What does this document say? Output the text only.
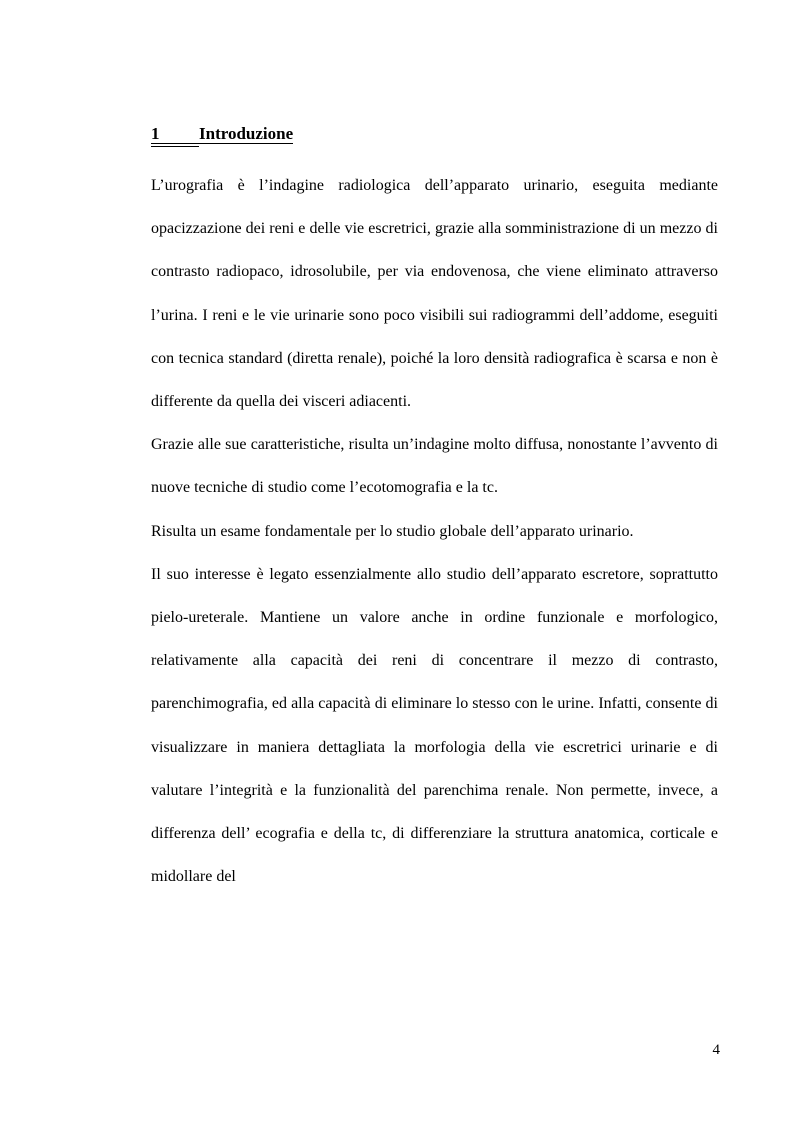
1 Introduzione

L’urografia è l’indagine radiologica dell’apparato urinario, eseguita mediante opacizzazione dei reni e delle vie escretrici, grazie alla somministrazione di un mezzo di contrasto radiopaco, idrosolubile, per via endovenosa, che viene eliminato attraverso l’urina. I reni e le vie urinarie sono poco visibili sui radiogrammi dell’addome, eseguiti con tecnica standard (diretta renale), poiché la loro densità radiografica è scarsa e non è differente da quella dei visceri adiacenti.

Grazie alle sue caratteristiche, risulta un’indagine molto diffusa, nonostante l’avvento di nuove tecniche di studio come l’ecotomografia e la tc.

Risulta un esame fondamentale per lo studio globale dell’apparato urinario.

Il suo interesse è legato essenzialmente allo studio dell’apparato escretore, soprattutto pielo-ureterale. Mantiene un valore anche in ordine funzionale e morfologico, relativamente alla capacità dei reni di concentrare il mezzo di contrasto, parenchimografia, ed alla capacità di eliminare lo stesso con le urine. Infatti, consente di visualizzare in maniera dettagliata la morfologia della vie escretrici urinarie e di valutare l’integrità e la funzionalità del parenchima renale. Non permette, invece, a differenza dell’ ecografia e della tc, di differenziare la struttura anatomica, corticale e midollare del

4
